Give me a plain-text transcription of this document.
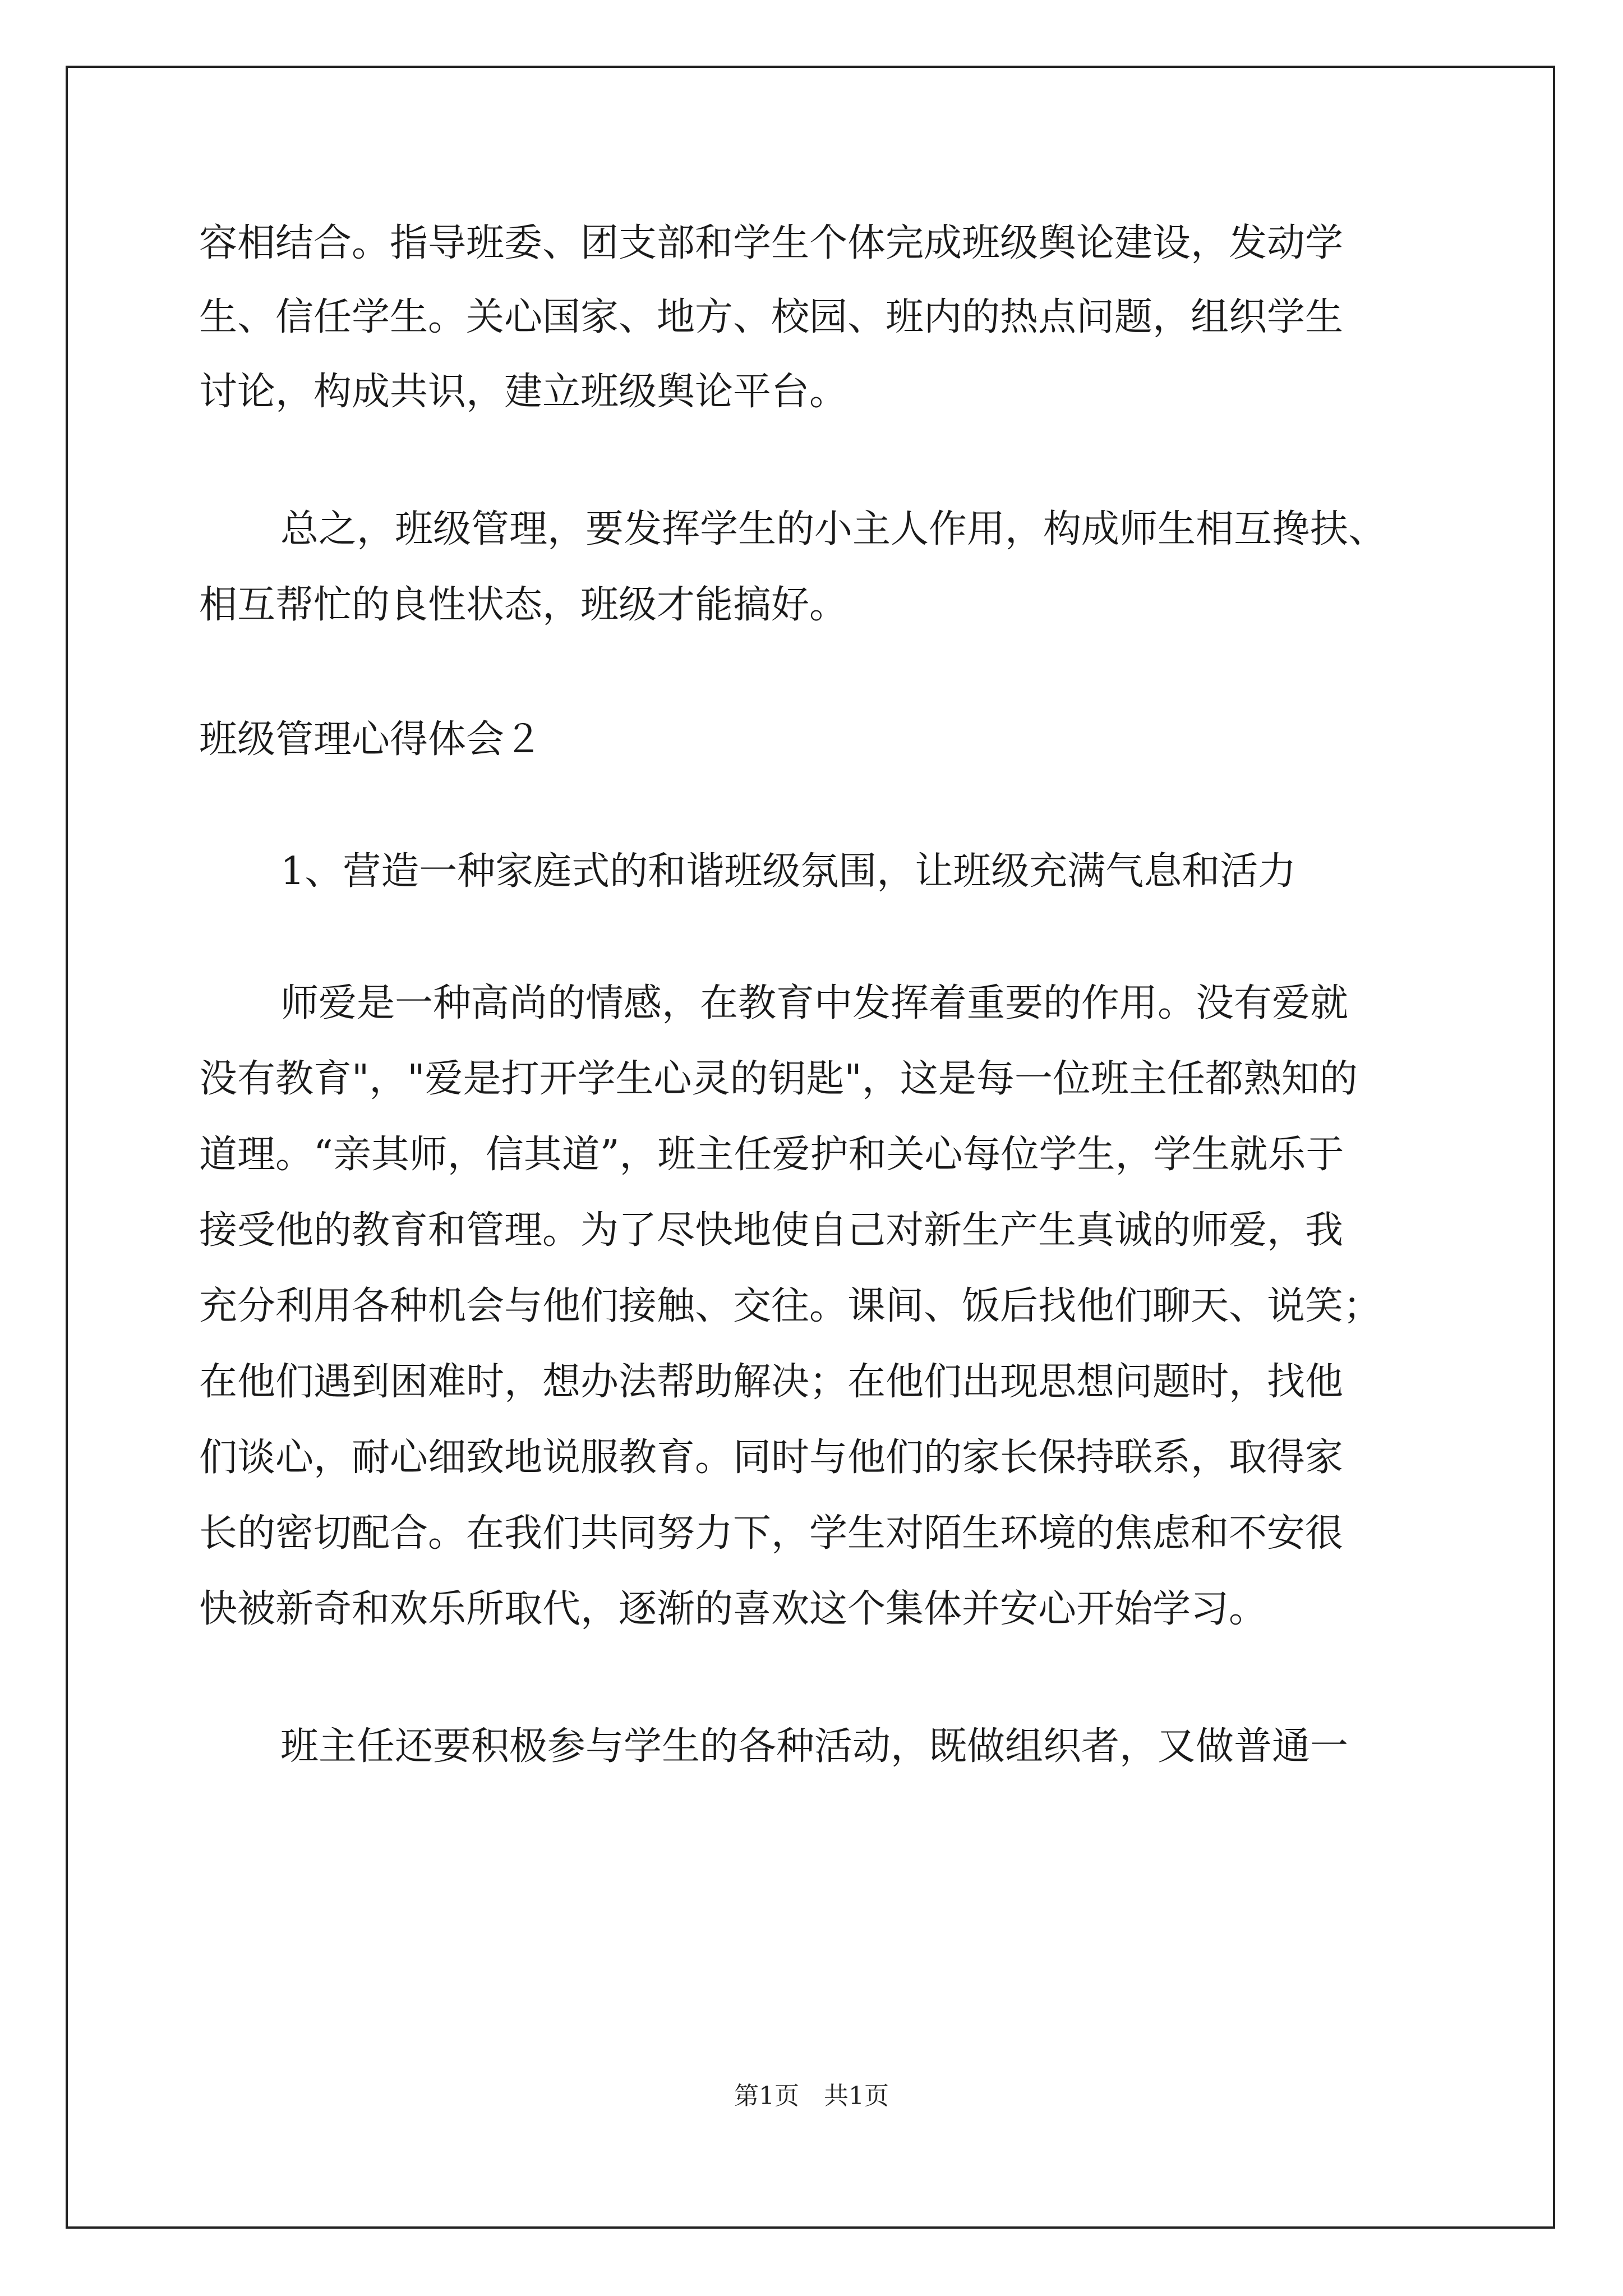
容相结合。指导班委、团支部和学生个体完成班级舆论建设，发动学
生、信任学生。关心国家、地方、校园、班内的热点问题，组织学生
讨论，构成共识，建立班级舆论平台。
总之，班级管理，要发挥学生的小主人作用，构成师生相互搀扶、
相互帮忙的良性状态，班级才能搞好。
班级管理心得体会２
1、营造一种家庭式的和谐班级氛围，让班级充满气息和活力
师爱是一种高尚的情感，在教育中发挥着重要的作用。没有爱就
没有教育"，"爱是打开学生心灵的钥匙"，这是每一位班主任都熟知的
道理。“亲其师，信其道”，班主任爱护和关心每位学生，学生就乐于
接受他的教育和管理。为了尽快地使自己对新生产生真诚的师爱，我
充分利用各种机会与他们接触、交往。课间、饭后找他们聊天、说笑；
在他们遇到困难时，想办法帮助解决；在他们出现思想问题时，找他
们谈心，耐心细致地说服教育。同时与他们的家长保持联系，取得家
长的密切配合。在我们共同努力下，学生对陌生环境的焦虑和不安很
快被新奇和欢乐所取代，逐渐的喜欢这个集体并安心开始学习。
班主任还要积极参与学生的各种活动，既做组织者，又做普通一
第1页　共1页
